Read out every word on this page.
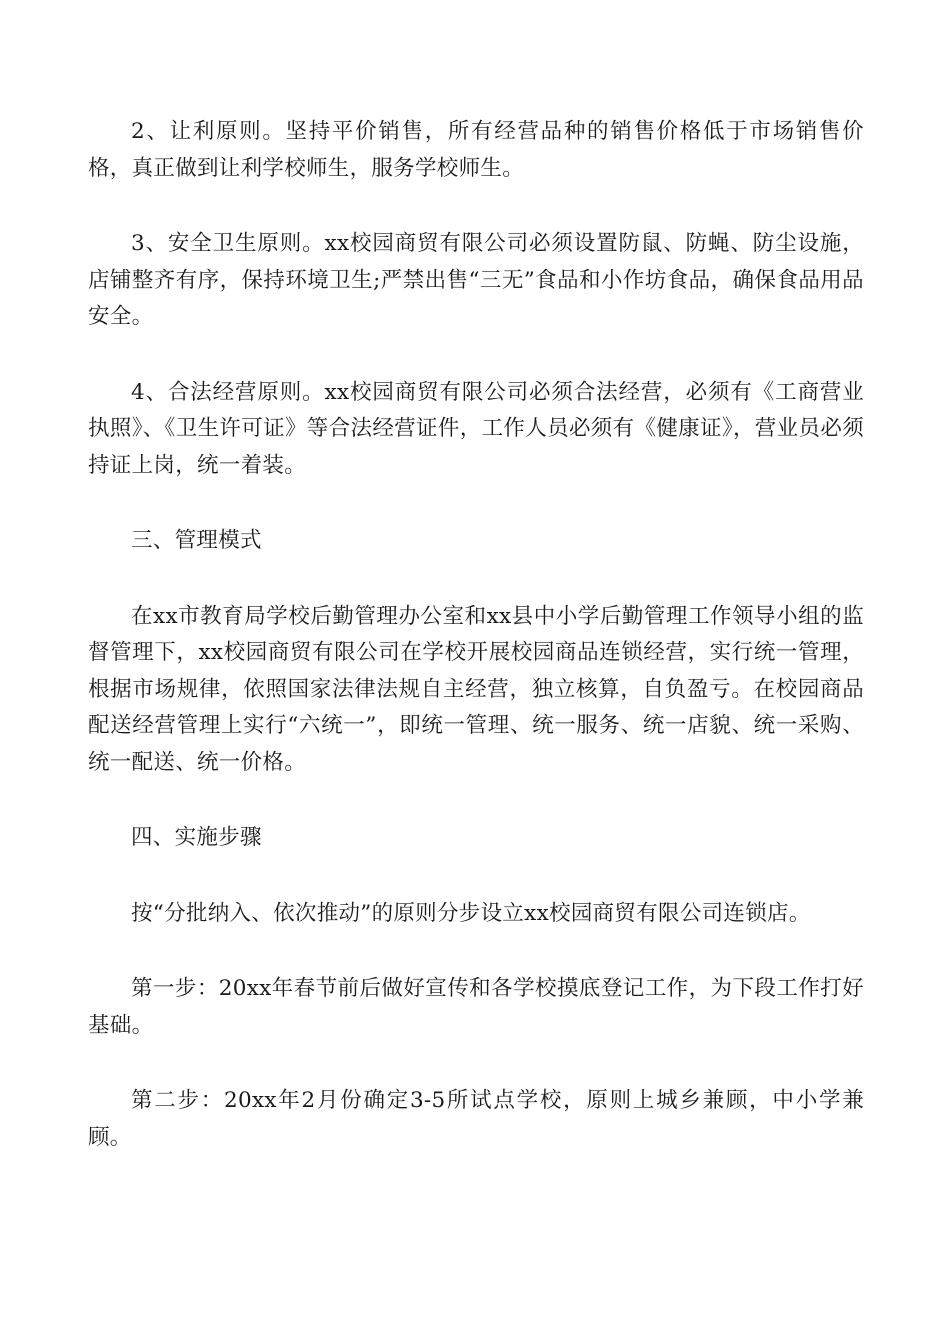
2、让利原则。坚持平价销售，所有经营品种的销售价格低于市场销售价格，真正做到让利学校师生，服务学校师生。

3、安全卫生原则。xx校园商贸有限公司必须设置防鼠、防蝇、防尘设施，店铺整齐有序，保持环境卫生;严禁出售“三无”食品和小作坊食品，确保食品用品安全。

4、合法经营原则。xx校园商贸有限公司必须合法经营，必须有《工商营业执照》、《卫生许可证》等合法经营证件，工作人员必须有《健康证》，营业员必须持证上岗，统一着装。

三、管理模式

在xx市教育局学校后勤管理办公室和xx县中小学后勤管理工作领导小组的监督管理下，xx校园商贸有限公司在学校开展校园商品连锁经营，实行统一管理，根据市场规律，依照国家法律法规自主经营，独立核算，自负盈亏。在校园商品配送经营管理上实行“六统一”，即统一管理、统一服务、统一店貌、统一采购、统一配送、统一价格。

四、实施步骤

按“分批纳入、依次推动”的原则分步设立xx校园商贸有限公司连锁店。

第一步：20xx年春节前后做好宣传和各学校摸底登记工作，为下段工作打好基础。

第二步：20xx年2月份确定3-5所试点学校，原则上城乡兼顾，中小学兼顾。
